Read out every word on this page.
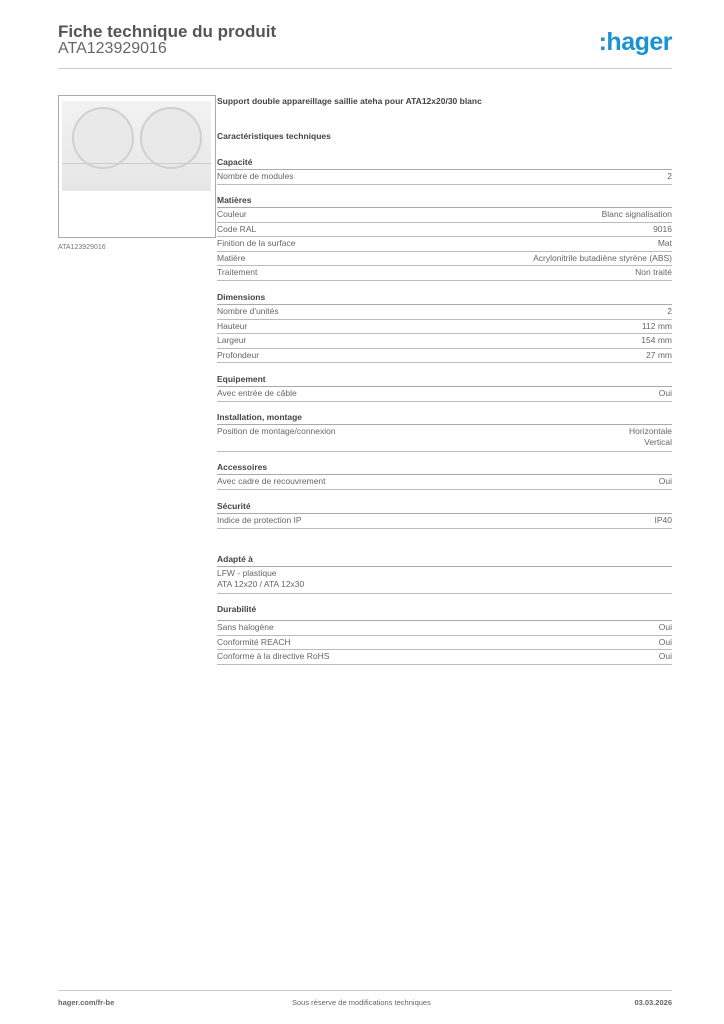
Fiche technique du produit
ATA123929016	:hager
ATA123929016
Support double appareillage saillie ateha pour ATA12x20/30 blanc
Caractéristiques techniques
Capacité
Nombre de modules	2
Matières
Couleur	Blanc signalisation
Code RAL	9016
Finition de la surface	Mat
Matière	Acrylonitrile butadiène styrène (ABS)
Traitement	Non traité
Dimensions
Nombre d'unités	2
Hauteur	112 mm
Largeur	154 mm
Profondeur	27 mm
Equipement
Avec entrée de câble	Oui
Installation, montage
Position de montage/connexion	Horizontale
Vertical
Accessoires
Avec cadre de recouvrement	Oui
Sécurité
Indice de protection IP	IP40
Adapté à
LFW - plastique
ATA 12x20 / ATA 12x30
Durabilité
Sans halogène	Oui
Conformité REACH	Oui
Conforme à la directive RoHS	Oui
hager.com/fr-be	Sous réserve de modifications techniques	03.03.2026
